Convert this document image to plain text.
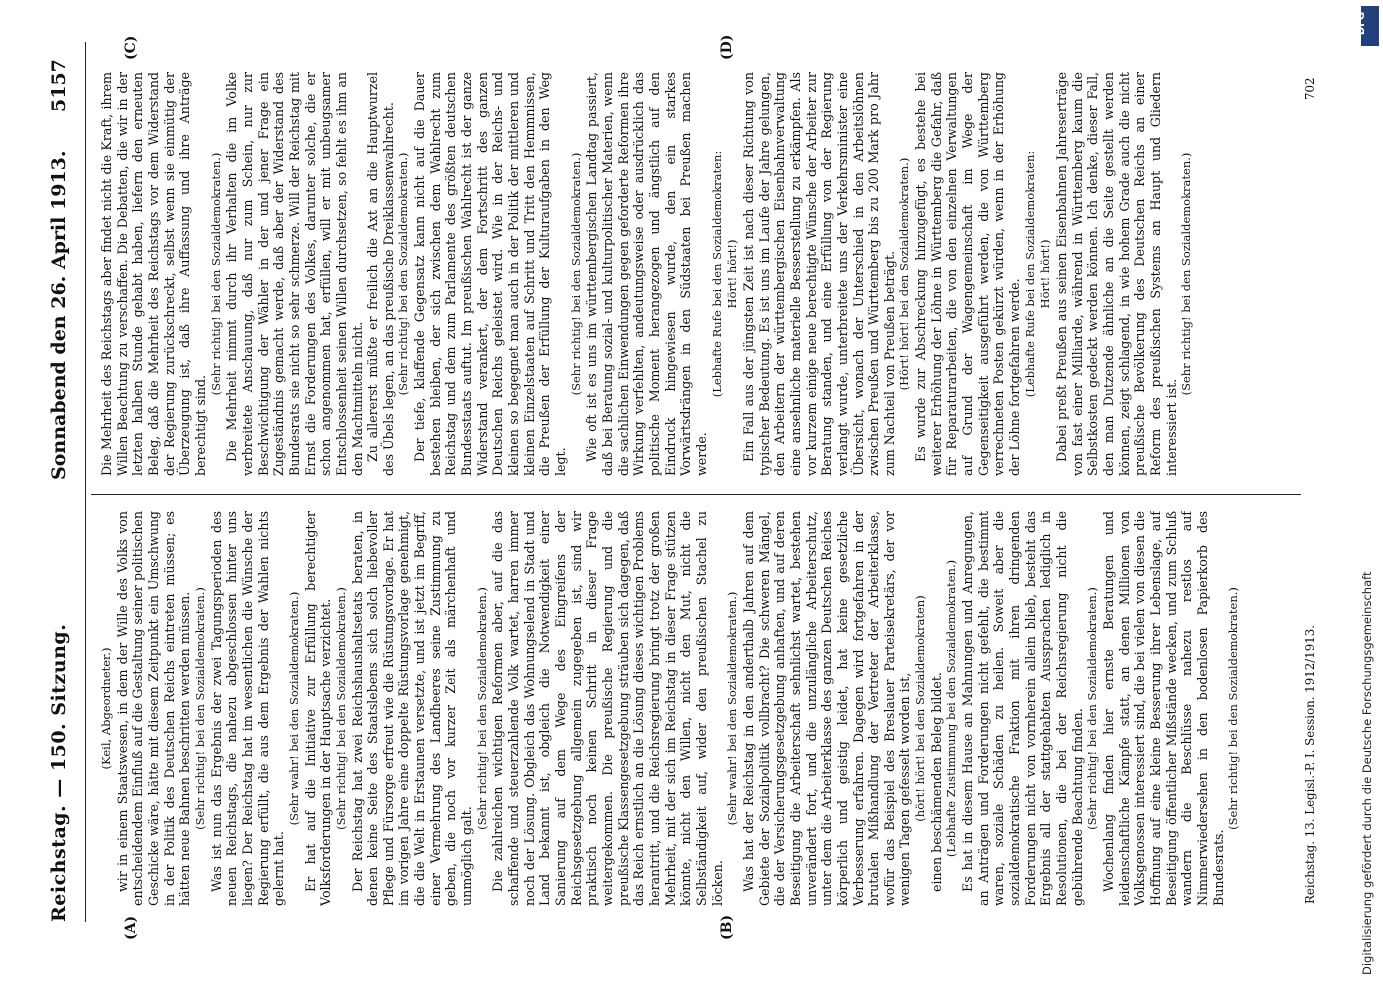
Reichstag. — 150. Sitzung.
Sonnabend den 26. April 1913.
5157
(A)	(B)
(C)	(D)

(Keil, Abgeordneter.) wir in einem Staatswesen, in dem der Wille des Volks von entscheidendem Einfluß auf die Gestaltung seiner politischen Geschicke wäre, hätte mit diesem Zeitpunkt ein Umschwung in der Politik des Deutschen Reichs eintreten müssen; es hätten neue Bahnen beschritten werden müssen. (Sehr richtig! bei den Sozialdemokraten.) Was ist nun das Ergebnis der zwei Tagungsperioden des neuen Reichstags, die nahezu abgeschlossen hinter uns liegen? Der Reichstag hat im wesentlichen die Wünsche der Regierung erfüllt, die aus dem Ergebnis der Wahlen nichts gelernt hat.

(Sehr wahr! bei den Sozialdemokraten.) Er hat auf die Initiative zur Erfüllung berechtigter Volksforderungen in der Hauptsache verzichtet. (Sehr richtig! bei den Sozialdemokraten.) Der Reichstag hat zwei Reichshaushaltsetats beraten, in denen keine Seite des Staatslebens sich solch liebevoller Pflege und Fürsorge erfreut wie die Rüstungsvorlage. Er hat im vorigen Jahre eine doppelte Rüstungsvorlage genehmigt, die die Welt in Erstaunen versetzte, und ist jetzt im Begriff, einer Vermehrung des Landheeres seine Zustimmung zu geben, die noch vor kurzer Zeit als märchenhaft und unmöglich galt.

(Sehr richtig! bei den Sozialdemokraten.) Die zahlreichen wichtigen Reformen aber, auf die das schaffende und steuerzahlende Volk wartet, harren immer noch der Lösung. Obgleich das Wohnungselend in Stadt und Land bekannt ist, obgleich die Notwendigkeit einer Sanierung auf dem Wege des Eingreifens der Reichsgesetzgebung allgemein zugegeben ist, sind wir praktisch noch keinen Schritt in dieser Frage weitergekommen. Die preußische Regierung und die preußische Klassengesetzgebung sträuben sich dagegen, daß das Reich ernstlich an die Lösung dieses wichtigen Problems herantritt, und die Reichsregierung bringt trotz der großen Mehrheit, mit der sich im Reichstag in dieser Frage stützen könnte, nicht den Willen, nicht den Mut, nicht die Selbständigkeit auf, wider den preußischen Stachel zu löcken.

(Sehr wahr! bei den Sozialdemokraten.) Was hat der Reichstag in den anderthalb Jahren auf dem Gebiete der Sozialpolitik vollbracht? Die schweren Mängel, die der Versicherungsgesetzgebung anhaften, und auf deren Beseitigung die Arbeiterschaft sehnlichst wartet, bestehen unverändert fort, und die unzulängliche Arbeiterschutz, unter dem die Arbeiterklasse des ganzen Deutschen Reiches körperlich und geistig leidet, hat keine gesetzliche Verbesserung erfahren. Dagegen wird fortgefahren in der brutalen Mißhandlung der Vertreter der Arbeiterklasse, wofür das Beispiel des Breslauer Parteisekretärs, der vor wenigen Tagen gefesselt worden ist, (hört! hört! bei den Sozialdemokraten) einen beschämenden Beleg bildet. (Lebhafte Zustimmung bei den Sozialdemokraten.) Es hat in diesem Hause an Mahnungen und Anregungen, an Anträgen und Forderungen nicht gefehlt, die bestimmt waren, soziale Schäden zu heilen. Soweit aber die sozialdemokratische Fraktion mit ihren dringenden Forderungen nicht von vornherein allein blieb, besteht das Ergebnis all der stattgehabten Aussprachen lediglich in Resolutionen, die bei der Reichsregierung nicht die gebührende Beachtung finden. (Sehr richtig! bei den Sozialdemokraten.) Wochenlang finden hier ernste Beratungen und leidenschaftliche Kämpfe statt, an denen Millionen von Volksgenossen interessiert sind, die bei vielen von diesen die Hoffnung auf eine kleine Besserung ihrer Lebenslage, auf Beseitigung öffentlicher Mißstände wecken, und zum Schluß wandern die Beschlüsse nahezu restlos auf Nimmerwiedersehen in den bodenlosen Papierkorb des Bundesrats.

(Sehr richtig! bei den Sozialdemokraten.)

Die Mehrheit des Reichstags aber findet nicht die Kraft, ihrem Willen Beachtung zu verschaffen. Die Debatten, die wir in der letzten halben Stunde gehabt haben, liefern den erneuten Beleg, daß die Mehrheit des Reichstags vor dem Widerstand der Regierung zurückschreckt, selbst wenn sie einmütig der Überzeugung ist, daß ihre Auffassung und ihre Anträge berechtigt sind.

(Sehr richtig! bei den Sozialdemokraten.) Die Mehrheit nimmt durch ihr Verhalten die im Volke verbreitete Anschauung, daß nur zum Schein, nur zur Beschwichtigung der Wähler in der und jener Frage ein Zugeständnis gemacht werde, daß aber der Widerstand des Bundesrats sie nicht so sehr schmerze. Will der Reichstag mit Ernst die Forderungen des Volkes, darunter solche, die er schon angenommen hat, erfüllen, will er mit unbeugsamer Entschlossenheit seinen Willen durchsetzen, so fehlt es ihm an den Machtmitteln nicht. Zu allererst müßte er freilich die Axt an die Hauptwurzel des Übels legen, an das preußische Dreiklassenwahlrecht. (Sehr richtig! bei den Sozialdemokraten.) Der tiefe, klaffende Gegensatz kann nicht auf die Dauer bestehen bleiben, der sich zwischen dem Wahlrecht zum Reichstag und dem zum Parlamente des größten deutschen Bundesstaats auftut. Im preußischen Wahlrecht ist der ganze Widerstand verankert, der dem Fortschritt des ganzen Deutschen Reichs geleistet wird. Wie in der Reichs- und kleinen so begegnet man auch in der Politik der mittleren und kleinen Einzelstaaten auf Schritt und Tritt den Hemmnissen, die Preußen der Erfüllung der Kulturaufgaben in den Weg legt.

(Sehr richtig! bei den Sozialdemokraten.) Wie oft ist es uns im württembergischen Landtag passiert, daß bei Beratung sozial- und kulturpolitischer Materien, wenn die sachlichen Einwendungen gegen geforderte Reformen ihre Wirkung verfehlten, andeutungsweise oder ausdrücklich das politische Moment herangezogen und ängstlich auf den Eindruck hingewiesen wurde, den ein starkes Vorwärtsdrängen in den Südstaaten bei Preußen machen werde.

(Lebhafte Rufe bei den Sozialdemokraten: Hört! hört!) Ein Fall aus der jüngsten Zeit ist nach dieser Richtung von typischer Bedeutung. Es ist uns im Laufe der Jahre gelungen, den Arbeitern der württembergischen Eisenbahnverwaltung eine ansehnliche materielle Besserstellung zu erkämpfen. Als vor kurzem einige neue berechtigte Wünsche der Arbeiter zur Beratung standen, und eine Erfüllung von der Regierung verlangt wurde, unterbreitete uns der Verkehrsminister eine Übersicht, wonach der Unterschied in den Arbeitslöhnen zwischen Preußen und Württemberg bis zu 200 Mark pro Jahr zum Nachteil von Preußen beträgt. (Hört! hört! bei den Sozialdemokraten.) Es wurde zur Abschreckung hinzugefügt, es bestehe bei weiterer Erhöhung der Löhne in Württemberg die Gefahr, daß für Reparaturarbeiten, die von den einzelnen Verwaltungen auf Grund der Wagengemeinschaft im Wege der Gegenseitigkeit ausgeführt werden, die von Württemberg verrechneten Posten gekürzt würden, wenn in der Erhöhung der Löhne fortgefahren werde. (Lebhafte Rufe bei den Sozialdemokraten: Hört! hört!) Dabei preßt Preußen aus seinen Eisenbahnen Jahreserträge von fast einer Milliarde, während in Württemberg kaum die Selbstkosten gedeckt werden können. Ich denke, dieser Fall, den man Dutzende ähnliche an die Seite gestellt werden können, zeigt schlagend, in wie hohem Grade auch die nicht preußische Bevölkerung des Deutschen Reichs an einer Reform des preußischen Systems an Haupt und Gliedern interessiert ist.

(Sehr richtig! bei den Sozialdemokraten.)

Reichstag. 13. Legisl.-P. I. Session. 1912/1913.
702
Digitalisierung gefördert durch die Deutsche Forschungsgemeinschaft
DFG
